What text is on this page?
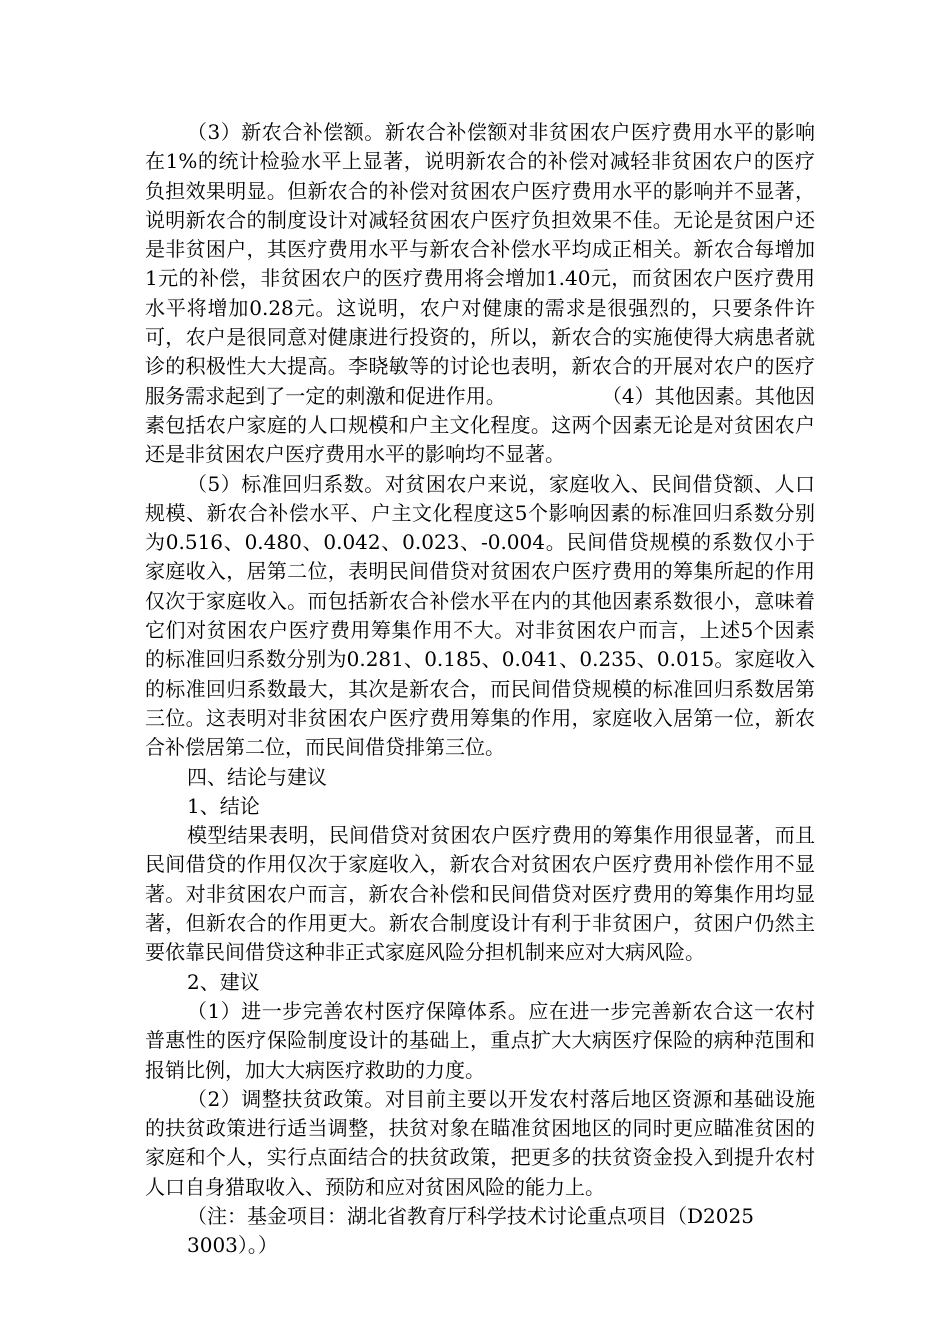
（3）新农合补偿额。新农合补偿额对非贫困农户医疗费用水平的影响在1%的统计检验水平上显著，说明新农合的补偿对减轻非贫困农户的医疗负担效果明显。但新农合的补偿对贫困农户医疗费用水平的影响并不显著，说明新农合的制度设计对减轻贫困农户医疗负担效果不佳。无论是贫困户还是非贫困户，其医疗费用水平与新农合补偿水平均成正相关。新农合每增加1元的补偿，非贫困农户的医疗费用将会增加1.40元，而贫困农户医疗费用水平将增加0.28元。这说明，农户对健康的需求是很强烈的，只要条件许可，农户是很同意对健康进行投资的，所以，新农合的实施使得大病患者就诊的积极性大大提高。李晓敏等的讨论也表明，新农合的开展对农户的医疗服务需求起到了一定的刺激和促进作用。	（4）其他因素。其他因素包括农户家庭的人口规模和户主文化程度。这两个因素无论是对贫困农户还是非贫困农户医疗费用水平的影响均不显著。

（5）标准回归系数。对贫困农户来说，家庭收入、民间借贷额、人口规模、新农合补偿水平、户主文化程度这5个影响因素的标准回归系数分别为0.516、0.480、0.042、0.023、-0.004。民间借贷规模的系数仅小于家庭收入，居第二位，表明民间借贷对贫困农户医疗费用的筹集所起的作用仅次于家庭收入。而包括新农合补偿水平在内的其他因素系数很小，意味着它们对贫困农户医疗费用筹集作用不大。对非贫困农户而言，上述5个因素的标准回归系数分别为0.281、0.185、0.041、0.235、0.015。家庭收入的标准回归系数最大，其次是新农合，而民间借贷规模的标准回归系数居第三位。这表明对非贫困农户医疗费用筹集的作用，家庭收入居第一位，新农合补偿居第二位，而民间借贷排第三位。

四、结论与建议

1、结论

模型结果表明，民间借贷对贫困农户医疗费用的筹集作用很显著，而且民间借贷的作用仅次于家庭收入，新农合对贫困农户医疗费用补偿作用不显著。对非贫困农户而言，新农合补偿和民间借贷对医疗费用的筹集作用均显著，但新农合的作用更大。新农合制度设计有利于非贫困户，贫困户仍然主要依靠民间借贷这种非正式家庭风险分担机制来应对大病风险。

2、建议

（1）进一步完善农村医疗保障体系。应在进一步完善新农合这一农村普惠性的医疗保险制度设计的基础上，重点扩大大病医疗保险的病种范围和报销比例，加大大病医疗救助的力度。

（2）调整扶贫政策。对目前主要以开发农村落后地区资源和基础设施的扶贫政策进行适当调整，扶贫对象在瞄准贫困地区的同时更应瞄准贫困的家庭和个人，实行点面结合的扶贫政策，把更多的扶贫资金投入到提升农村人口自身猎取收入、预防和应对贫困风险的能力上。

（注：基金项目：湖北省教育厅科学技术讨论重点项目（D2025
3003）。）
